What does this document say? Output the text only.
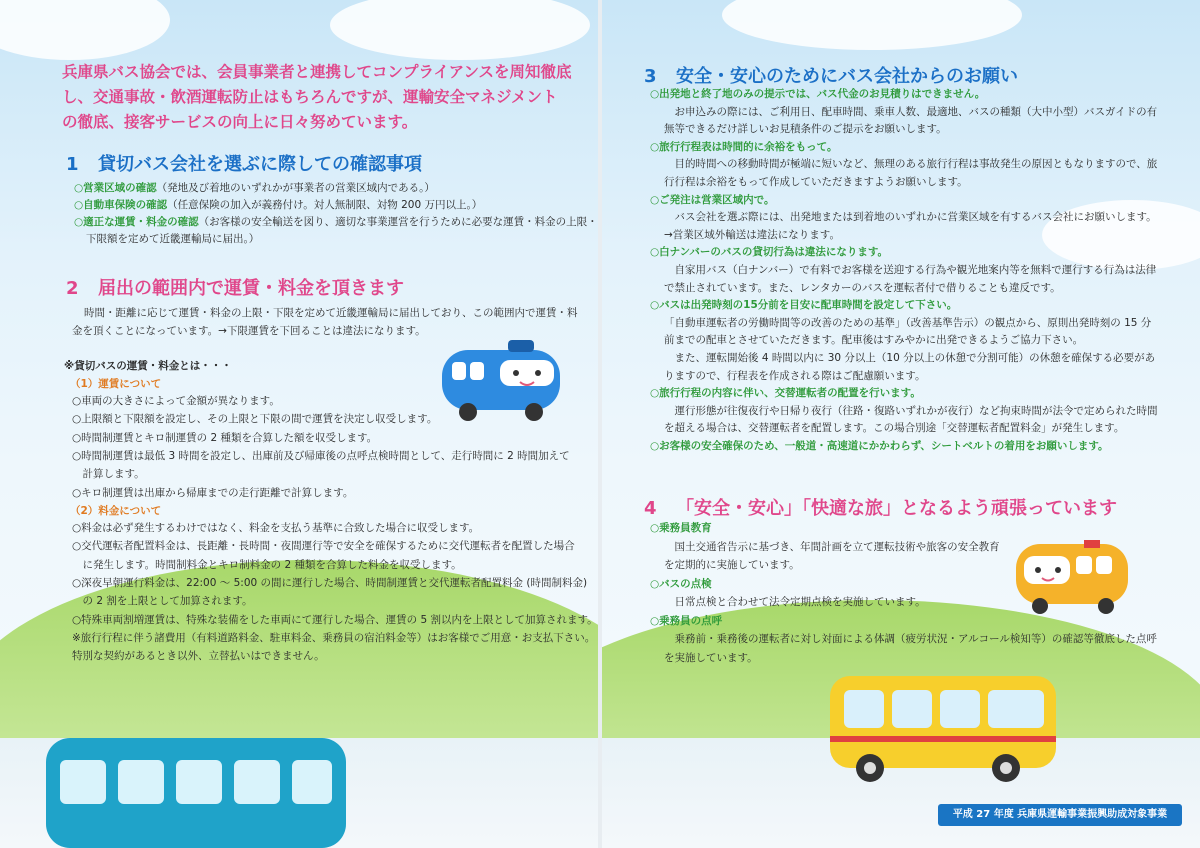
兵庫県バス協会では、会員事業者と連携してコンプライアンスを周知徹底し、交通事故・飲酒運転防止はもちろんですが、運輸安全マネジメントの徹底、接客サービスの向上に日々努めています。
1 貸切バス会社を選ぶに際しての確認事項
○営業区域の確認（発地及び着地のいずれかが事業者の営業区域内である。）
○自動車保険の確認（任意保険の加入が義務付け。対人無制限、対物 200 万円以上。）
○適正な運賃・料金の確認（お客様の安全輸送を図り、適切な事業運営を行うために必要な運賃・料金の上限・
下限額を定めて近畿運輸局に届出。）
2 届出の範囲内で運賃・料金を頂きます
時間・距離に応じて運賃・料金の上限・下限を定めて近畿運輸局に届出しており、この範囲内で運賃・料
金を頂くことになっています。→下限運賃を下回ることは違法になります。
※貸切バスの運賃・料金とは・・・
（1）運賃について
○車両の大きさによって金額が異なります。
○上限額と下限額を設定し、その上限と下限の間で運賃を決定し収受します。
○時間制運賃とキロ制運賃の 2 種類を合算した額を収受します。
○時間制運賃は最低 3 時間を設定し、出庫前及び帰庫後の点呼点検時間として、走行時間に 2 時間加えて
　計算します。
○キロ制運賃は出庫から帰庫までの走行距離で計算します。
（2）料金について
○料金は必ず発生するわけではなく、料金を支払う基準に合致した場合に収受します。
○交代運転者配置料金は、長距離・長時間・夜間運行等で安全を確保するために交代運転者を配置した場合
　に発生します。時間制料金とキロ制料金の 2 種類を合算した料金を収受します。
○深夜早朝運行料金は、22:00 ～ 5:00 の間に運行した場合、時間制運賃と交代運転者配置料金 (時間制料金)
　の 2 割を上限として加算されます。
○特殊車両割増運賃は、特殊な装備をした車両にて運行した場合、運賃の 5 割以内を上限として加算されます。
※旅行行程に伴う諸費用（有料道路料金、駐車料金、乗務員の宿泊料金等）はお客様でご用意・お支払下さい。
特別な契約があるとき以外、立替払いはできません。
3 安全・安心のためにバス会社からのお願い
○出発地と終了地のみの提示では、バス代金のお見積りはできません。
　お申込みの際には、ご利用日、配車時間、乗車人数、最適地、バスの種類（大中小型）バスガイドの有
無等できるだけ詳しいお見積条件のご提示をお願いします。
○旅行行程表は時間的に余裕をもって。
　目的時間への移動時間が極端に短いなど、無理のある旅行行程は事故発生の原因ともなりますので、旅
行行程は余裕をもって作成していただきますようお願いします。
○ご発注は営業区域内で。
　バス会社を選ぶ際には、出発地または到着地のいずれかに営業区域を有するバス会社にお願いします。
→営業区域外輸送は違法になります。
○白ナンバーのバスの貸切行為は違法になります。
　自家用バス（白ナンバー）で有料でお客様を送迎する行為や観光地案内等を無料で運行する行為は法律
で禁止されています。また、レンタカーのバスを運転者付で借りることも違反です。
○バスは出発時刻の15分前を目安に配車時間を設定して下さい。
「自動車運転者の労働時間等の改善のための基準」（改善基準告示）の観点から、原則出発時刻の 15 分
前までの配車とさせていただきます。配車後はすみやかに出発できるようご協力下さい。
　また、運転開始後 4 時間以内に 30 分以上（10 分以上の休憩で分割可能）の休憩を確保する必要があ
りますので、行程表を作成される際はご配慮願います。
○旅行行程の内容に伴い、交替運転者の配置を行います。
　運行形態が往復夜行や日帰り夜行（往路・復路いずれかが夜行）など拘束時間が法令で定められた時間
を超える場合は、交替運転者を配置します。この場合別途「交替運転者配置料金」が発生します。
○お客様の安全確保のため、一般道・高速道にかかわらず、シートベルトの着用をお願いします。
4 「安全・安心」「快適な旅」となるよう頑張っています
○乗務員教育
　国土交通省告示に基づき、年間計画を立て運転技術や旅客の安全教育
を定期的に実施しています。
○バスの点検
　日常点検と合わせて法令定期点検を実施しています。
○乗務員の点呼
　乗務前・乗務後の運転者に対し対面による体調（疲労状況・アルコール検知等）の確認等徹底した点呼
を実施しています。
平成 27 年度 兵庫県運輸事業振興助成対象事業
